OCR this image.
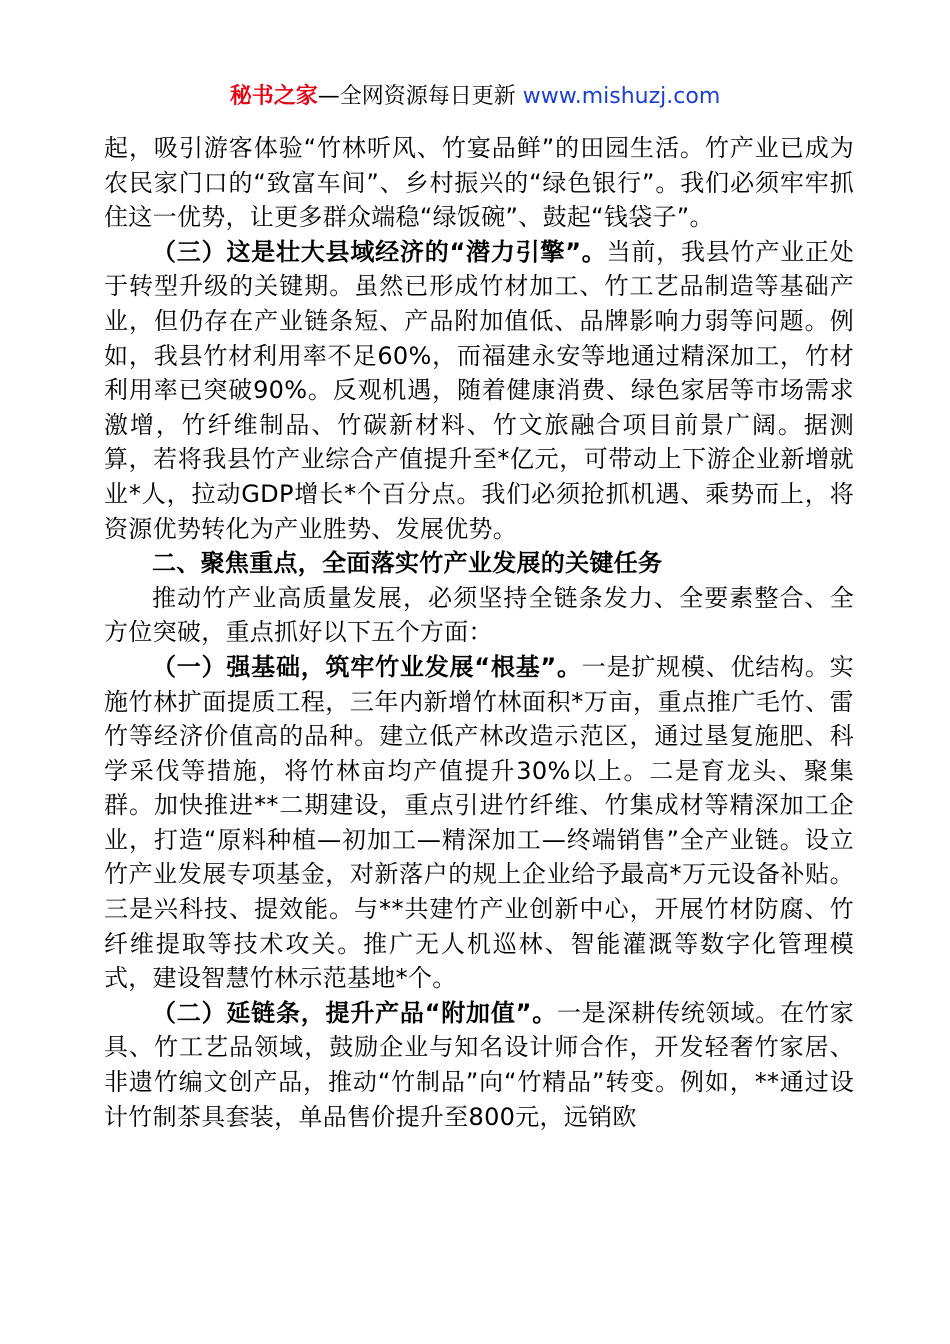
秘书之家—全网资源每日更新 www.mishuzj.com

起，吸引游客体验“竹林听风、竹宴品鲜”的田园生活。竹产业已成为农民家门口的“致富车间”、乡村振兴的“绿色银行”。我们必须牢牢抓住这一优势，让更多群众端稳“绿饭碗”、鼓起“钱袋子”。

（三）这是壮大县域经济的“潜力引擎”。当前，我县竹产业正处于转型升级的关键期。虽然已形成竹材加工、竹工艺品制造等基础产业，但仍存在产业链条短、产品附加值低、品牌影响力弱等问题。例如，我县竹材利用率不足60%，而福建永安等地通过精深加工，竹材利用率已突破90%。反观机遇，随着健康消费、绿色家居等市场需求激增，竹纤维制品、竹碳新材料、竹文旅融合项目前景广阔。据测算，若将我县竹产业综合产值提升至*亿元，可带动上下游企业新增就业*人，拉动GDP增长*个百分点。我们必须抢抓机遇、乘势而上，将资源优势转化为产业胜势、发展优势。

二、聚焦重点，全面落实竹产业发展的关键任务

推动竹产业高质量发展，必须坚持全链条发力、全要素整合、全方位突破，重点抓好以下五个方面：

（一）强基础，筑牢竹业发展“根基”。一是扩规模、优结构。实施竹林扩面提质工程，三年内新增竹林面积*万亩，重点推广毛竹、雷竹等经济价值高的品种。建立低产林改造示范区，通过垦复施肥、科学采伐等措施，将竹林亩均产值提升30%以上。二是育龙头、聚集群。加快推进**二期建设，重点引进竹纤维、竹集成材等精深加工企业，打造“原料种植—初加工—精深加工—终端销售”全产业链。设立竹产业发展专项基金，对新落户的规上企业给予最高*万元设备补贴。三是兴科技、提效能。与**共建竹产业创新中心，开展竹材防腐、竹纤维提取等技术攻关。推广无人机巡林、智能灌溉等数字化管理模式，建设智慧竹林示范基地*个。

（二）延链条，提升产品“附加值”。一是深耕传统领域。在竹家具、竹工艺品领域，鼓励企业与知名设计师合作，开发轻奢竹家居、非遗竹编文创产品，推动“竹制品”向“竹精品”转变。例如，**通过设计竹制茶具套装，单品售价提升至800元，远销欧
